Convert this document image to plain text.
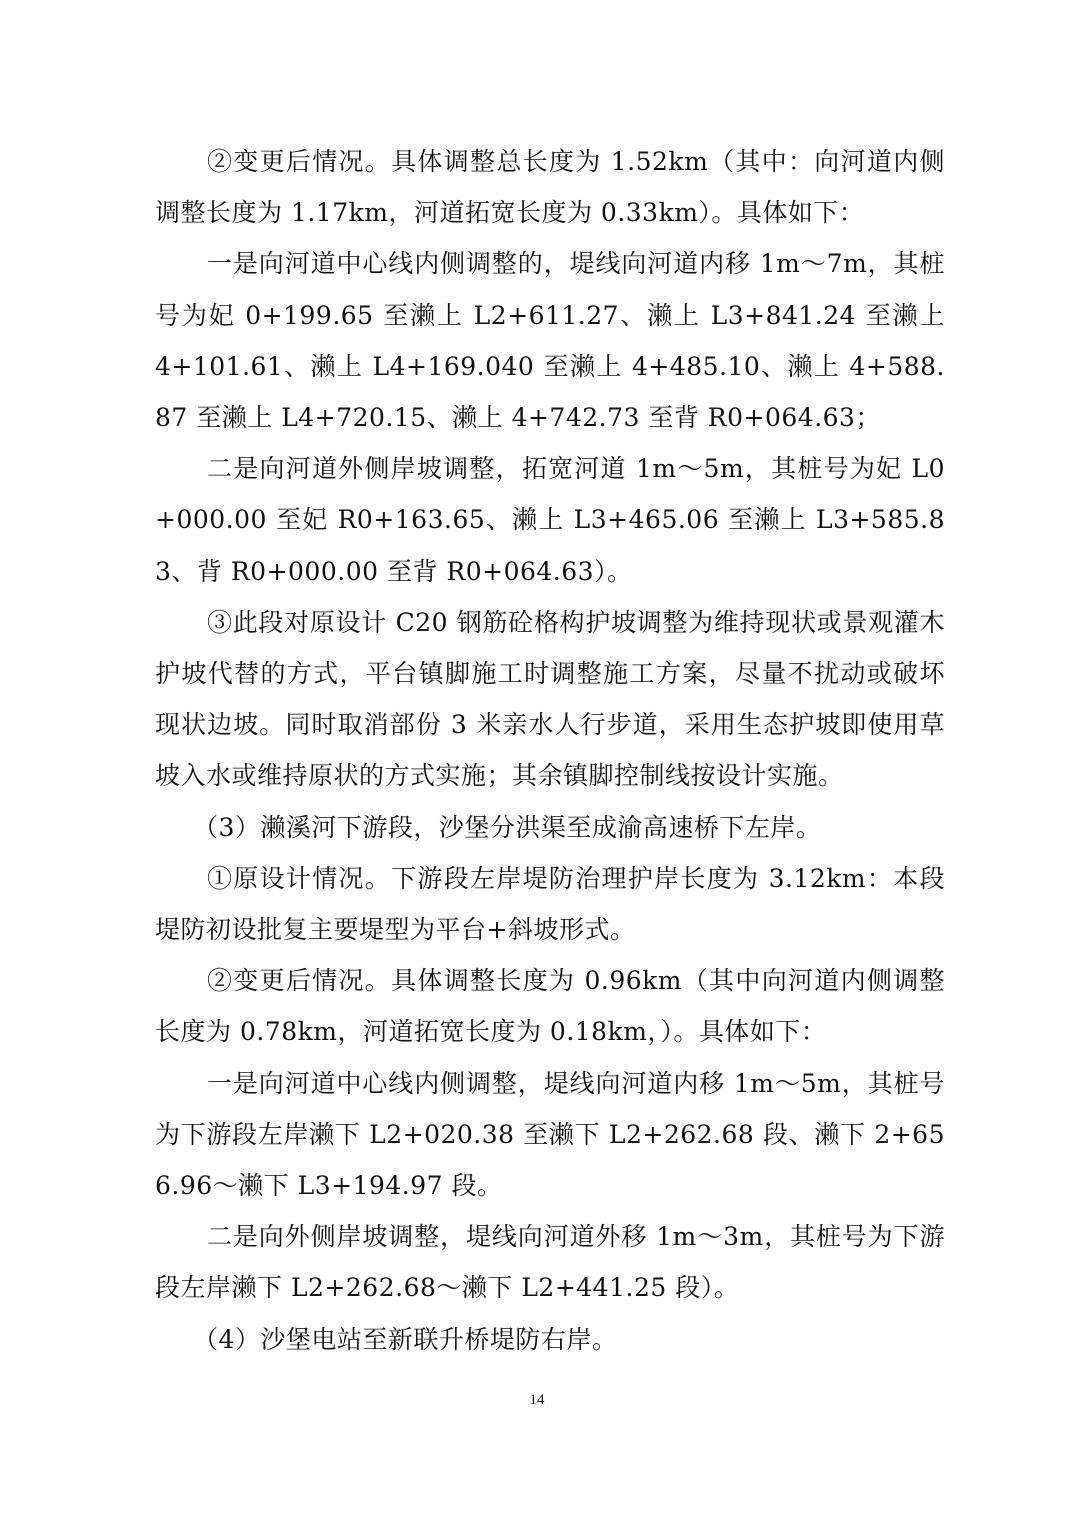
②变更后情况。具体调整总长度为 1.52km（其中：向河道内侧调整长度为 1.17km，河道拓宽长度为 0.33km）。具体如下：

一是向河道中心线内侧调整的，堤线向河道内移 1m～7m，其桩号为妃 0+199.65 至濑上 L2+611.27、濑上 L3+841.24 至濑上 4+101.61、濑上 L4+169.040 至濑上 4+485.10、濑上 4+588.87 至濑上 L4+720.15、濑上 4+742.73 至背 R0+064.63；

二是向河道外侧岸坡调整，拓宽河道 1m～5m，其桩号为妃 L0+000.00 至妃 R0+163.65、濑上 L3+465.06 至濑上 L3+585.83、背 R0+000.00 至背 R0+064.63）。

③此段对原设计 C20 钢筋砼格构护坡调整为维持现状或景观灌木护坡代替的方式，平台镇脚施工时调整施工方案，尽量不扰动或破坏现状边坡。同时取消部份 3 米亲水人行步道，采用生态护坡即使用草坡入水或维持原状的方式实施；其余镇脚控制线按设计实施。

（3）濑溪河下游段，沙堡分洪渠至成渝高速桥下左岸。

①原设计情况。下游段左岸堤防治理护岸长度为 3.12km：本段堤防初设批复主要堤型为平台+斜坡形式。

②变更后情况。具体调整长度为 0.96km（其中向河道内侧调整长度为 0.78km，河道拓宽长度为 0.18km，）。具体如下：

一是向河道中心线内侧调整，堤线向河道内移 1m～5m，其桩号为下游段左岸濑下 L2+020.38 至濑下 L2+262.68 段、濑下 2+656.96～濑下 L3+194.97 段。

二是向外侧岸坡调整，堤线向河道外移 1m～3m，其桩号为下游段左岸濑下 L2+262.68～濑下 L2+441.25 段）。

（4）沙堡电站至新联升桥堤防右岸。

14
